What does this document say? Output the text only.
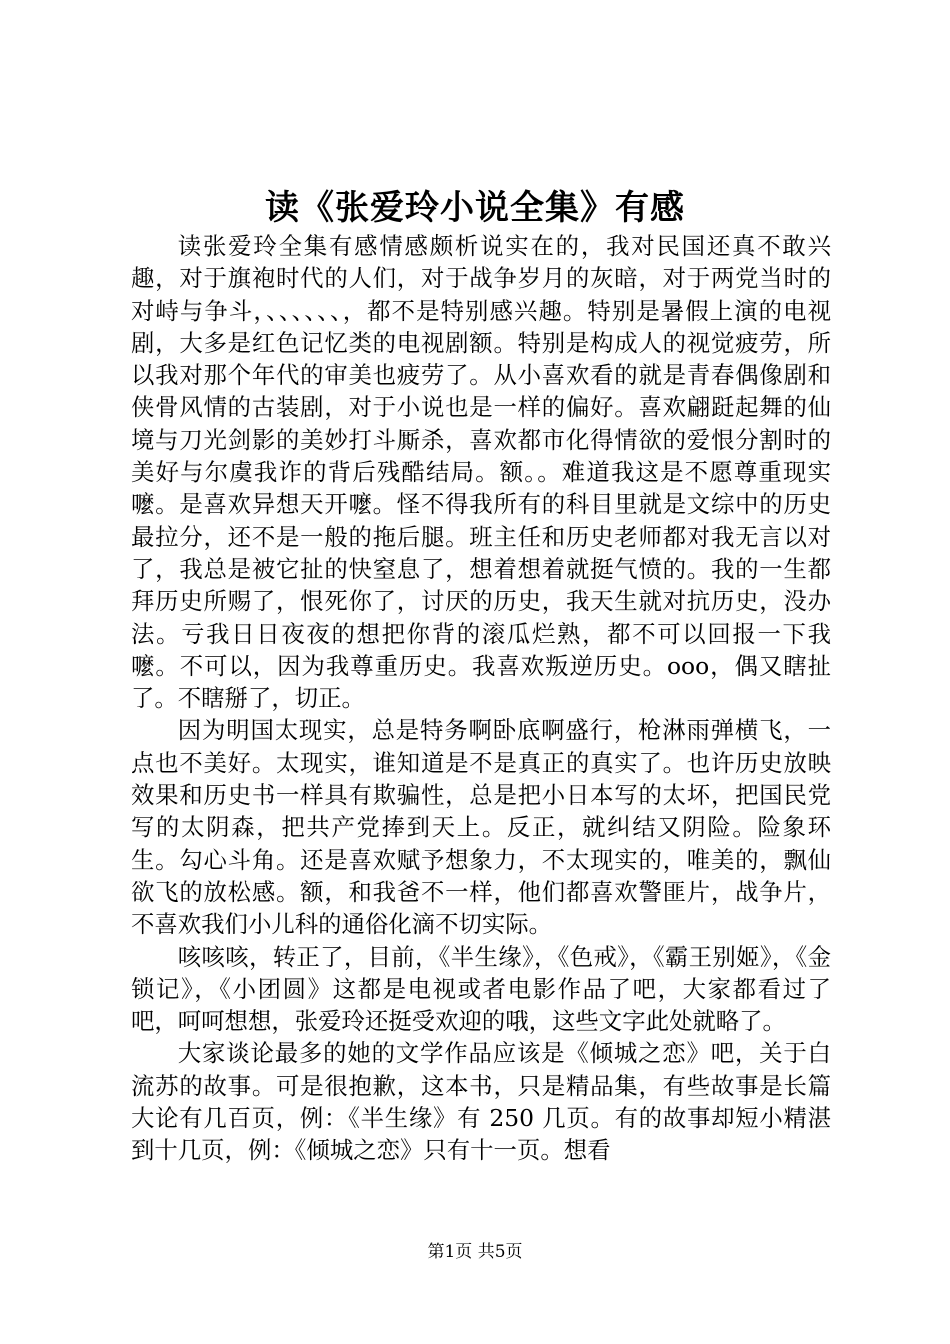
读《张爱玲小说全集》有感

读张爱玲全集有感情感颇析说实在的，我对民国还真不敢兴趣，对于旗袍时代的人们，对于战争岁月的灰暗，对于两党当时的对峙与争斗，、、、、、、，都不是特别感兴趣。特别是暑假上演的电视剧，大多是红色记忆类的电视剧额。特别是构成人的视觉疲劳，所以我对那个年代的审美也疲劳了。从小喜欢看的就是青春偶像剧和侠骨风情的古装剧，对于小说也是一样的偏好。喜欢翩跹起舞的仙境与刀光剑影的美妙打斗厮杀，喜欢都市化得情欲的爱恨分割时的美好与尔虞我诈的背后残酷结局。额。。难道我这是不愿尊重现实嚒。是喜欢异想天开嚒。怪不得我所有的科目里就是文综中的历史最拉分，还不是一般的拖后腿。班主任和历史老师都对我无言以对了，我总是被它扯的快窒息了，想着想着就挺气愤的。我的一生都拜历史所赐了，恨死你了，讨厌的历史，我天生就对抗历史，没办法。亏我日日夜夜的想把你背的滚瓜烂熟，都不可以回报一下我嚒。不可以，因为我尊重历史。我喜欢叛逆历史。ooo，偶又瞎扯了。不瞎掰了，切正。

因为明国太现实，总是特务啊卧底啊盛行，枪淋雨弹横飞，一点也不美好。太现实，谁知道是不是真正的真实了。也许历史放映效果和历史书一样具有欺骗性，总是把小日本写的太坏，把国民党写的太阴森，把共产党捧到天上。反正，就纠结又阴险。险象环生。勾心斗角。还是喜欢赋予想象力，不太现实的，唯美的，飘仙欲飞的放松感。额，和我爸不一样，他们都喜欢警匪片，战争片，不喜欢我们小儿科的通俗化滴不切实际。

咳咳咳，转正了，目前，《半生缘》，《色戒》，《霸王别姬》，《金锁记》，《小团圆》这都是电视或者电影作品了吧，大家都看过了吧，呵呵想想，张爱玲还挺受欢迎的哦，这些文字此处就略了。

大家谈论最多的她的文学作品应该是《倾城之恋》吧，关于白流苏的故事。可是很抱歉，这本书，只是精品集，有些故事是长篇大论有几百页，例：《半生缘》有 250 几页。有的故事却短小精湛到十几页，例：《倾城之恋》只有十一页。想看

第1页 共5页
